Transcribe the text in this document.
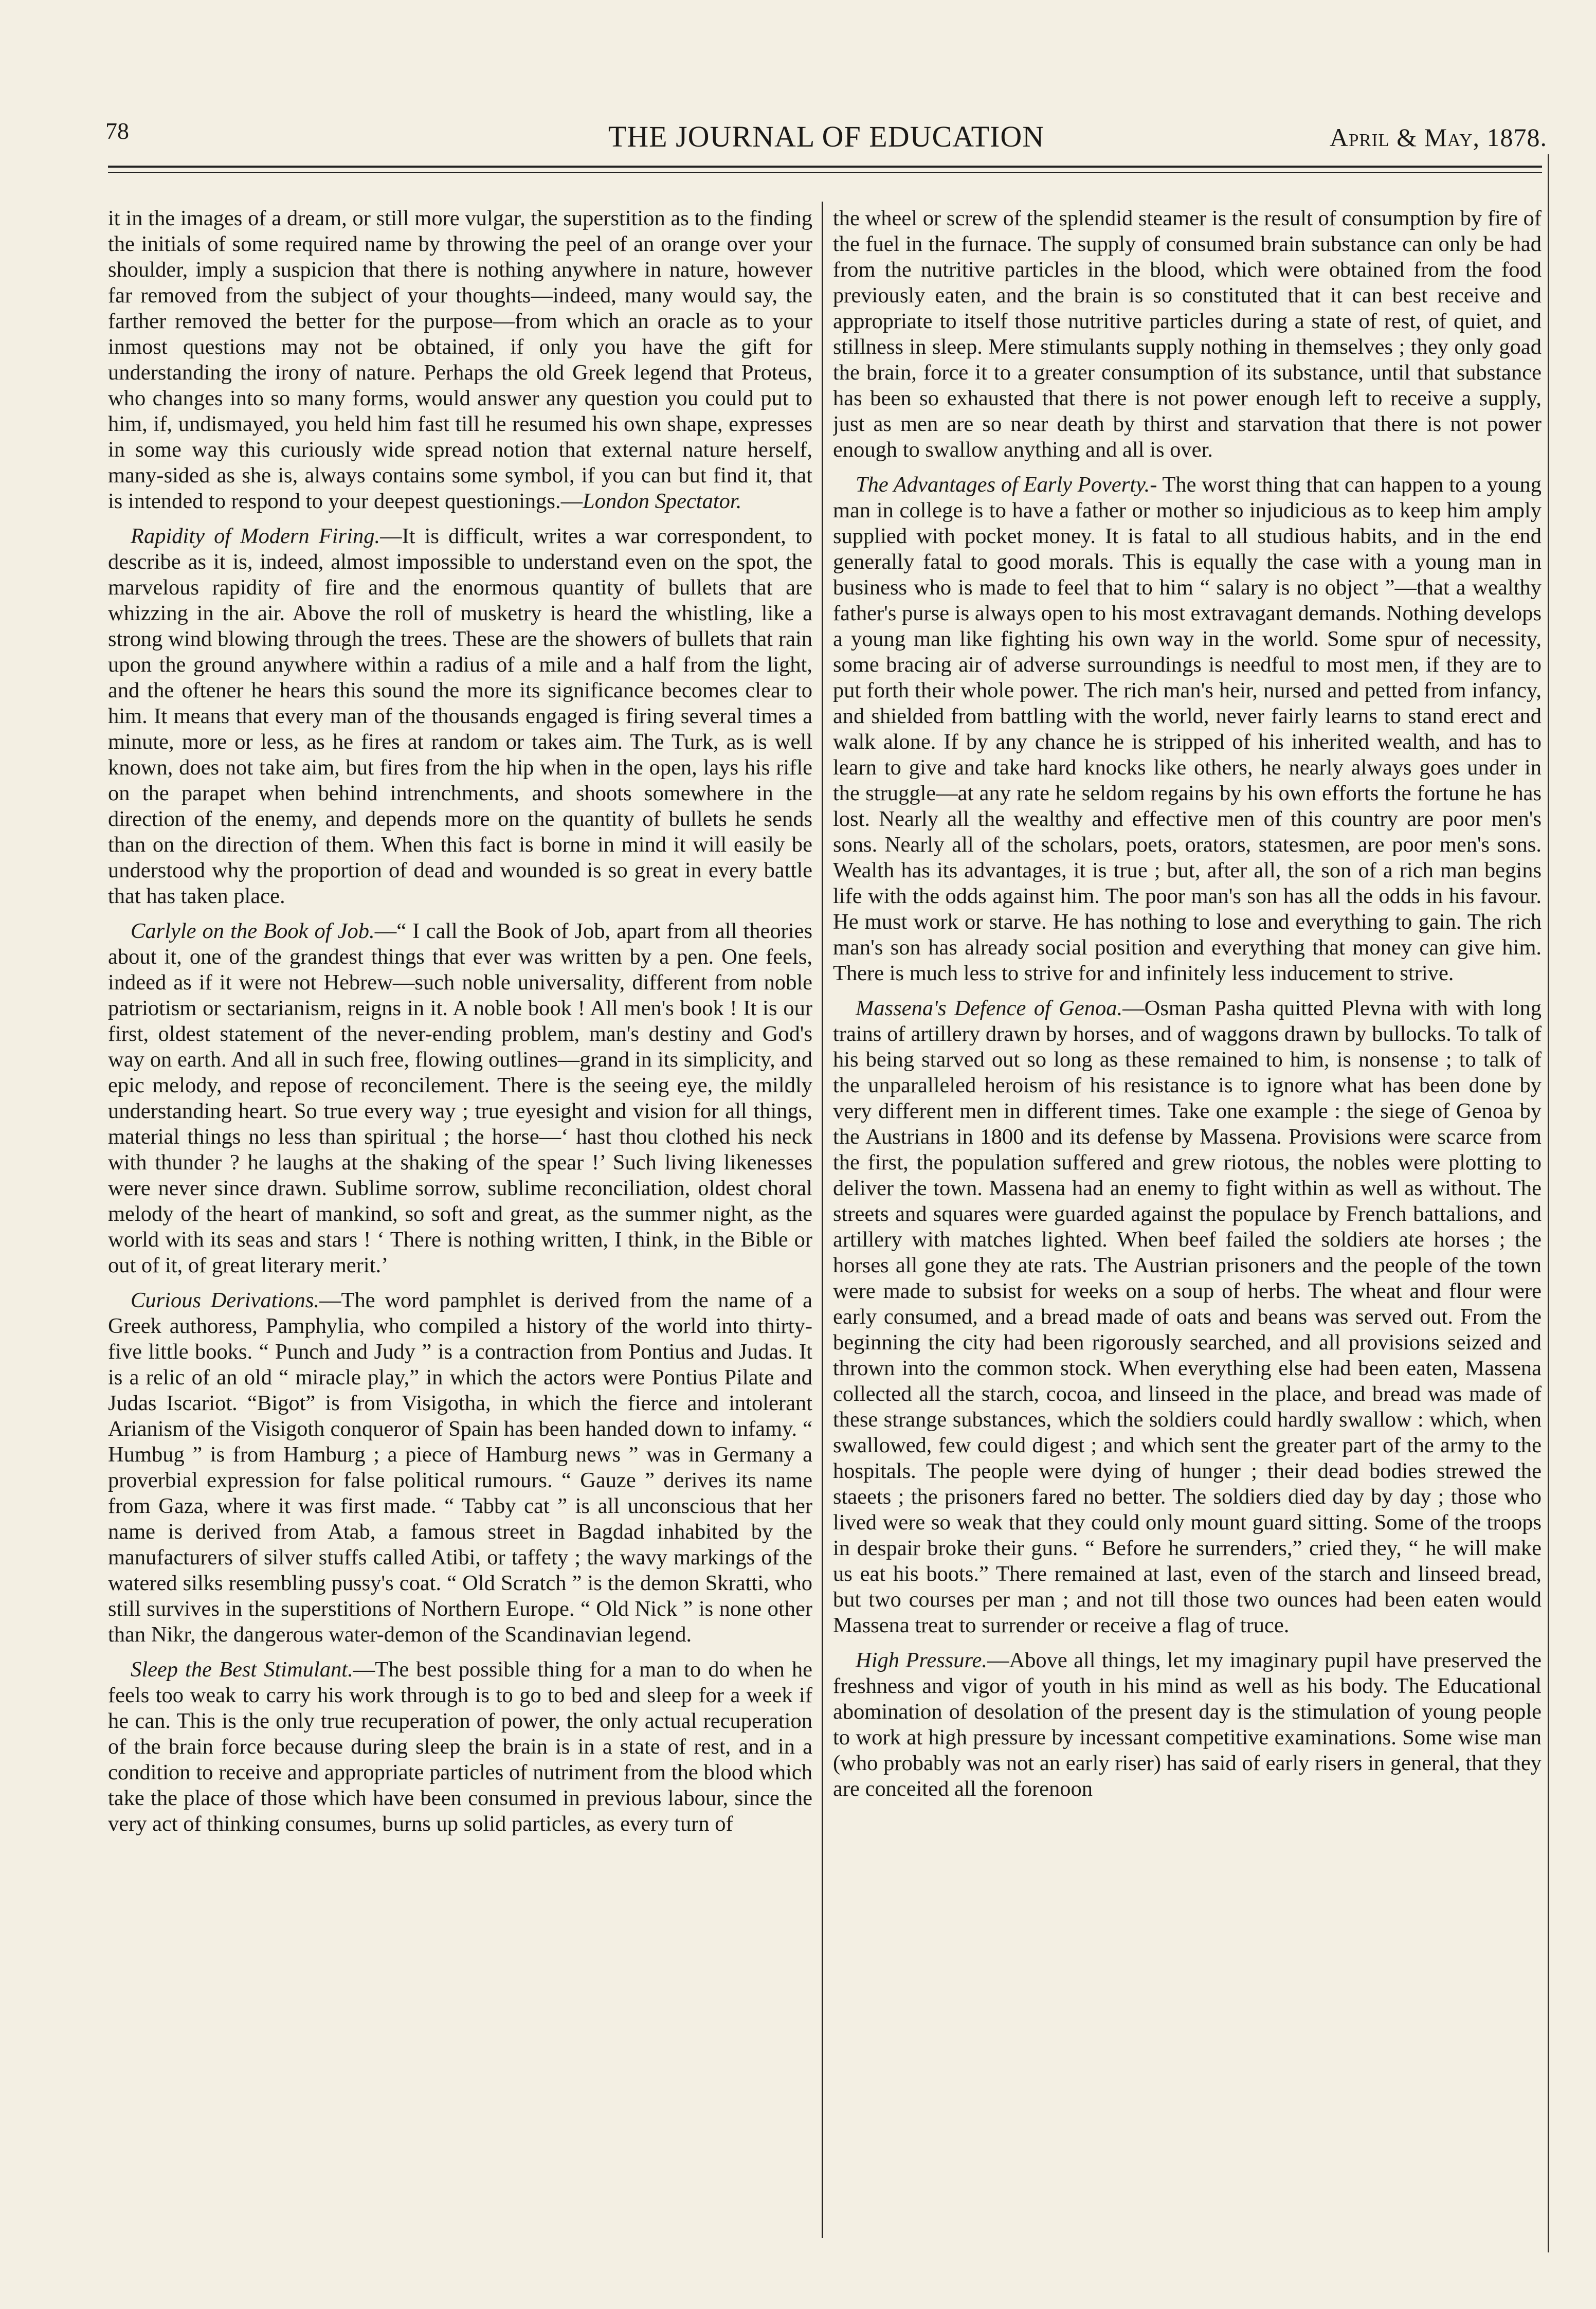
78	THE JOURNAL OF EDUCATION	April & May, 1878.

it in the images of a dream, or still more vulgar, the superstition as to the finding the initials of some required name by throwing the peel of an orange over your shoulder, imply a suspicion that there is nothing anywhere in nature, however far removed from the subject of your thoughts—indeed, many would say, the farther removed the better for the purpose—from which an oracle as to your inmost questions may not be obtained, if only you have the gift for understanding the irony of nature. Perhaps the old Greek legend that Proteus, who changes into so many forms, would answer any question you could put to him, if, undismayed, you held him fast till he resumed his own shape, expresses in some way this curiously wide spread notion that external nature herself, many-sided as she is, always contains some symbol, if you can but find it, that is intended to respond to your deepest questionings.—London Spectator.

Rapidity of Modern Firing.—It is difficult, writes a war correspondent, to describe as it is, indeed, almost impossible to understand even on the spot, the marvelous rapidity of fire and the enormous quantity of bullets that are whizzing in the air. Above the roll of musketry is heard the whistling, like a strong wind blowing through the trees. These are the showers of bullets that rain upon the ground anywhere within a radius of a mile and a half from the light, and the oftener he hears this sound the more its significance becomes clear to him. It means that every man of the thousands engaged is firing several times a minute, more or less, as he fires at random or takes aim. The Turk, as is well known, does not take aim, but fires from the hip when in the open, lays his rifle on the parapet when behind intrenchments, and shoots somewhere in the direction of the enemy, and depends more on the quantity of bullets he sends than on the direction of them. When this fact is borne in mind it will easily be understood why the proportion of dead and wounded is so great in every battle that has taken place.

Carlyle on the Book of Job.—“ I call the Book of Job, apart from all theories about it, one of the grandest things that ever was written by a pen. One feels, indeed as if it were not Hebrew—such noble universality, different from noble patriotism or sectarianism, reigns in it. A noble book ! All men's book ! It is our first, oldest statement of the never-ending problem, man's destiny and God's way on earth. And all in such free, flowing outlines—grand in its simplicity, and epic melody, and repose of reconcilement. There is the seeing eye, the mildly understanding heart. So true every way ; true eyesight and vision for all things, material things no less than spiritual ; the horse—‘ hast thou clothed his neck with thunder ? he laughs at the shaking of the spear !’ Such living likenesses were never since drawn. Sublime sorrow, sublime reconciliation, oldest choral melody of the heart of mankind, so soft and great, as the summer night, as the world with its seas and stars ! ‘ There is nothing written, I think, in the Bible or out of it, of great literary merit.’

Curious Derivations.—The word pamphlet is derived from the name of a Greek authoress, Pamphylia, who compiled a history of the world into thirty-five little books. “ Punch and Judy ” is a contraction from Pontius and Judas. It is a relic of an old “ miracle play,” in which the actors were Pontius Pilate and Judas Iscariot. “Bigot” is from Visigotha, in which the fierce and intolerant Arianism of the Visigoth conqueror of Spain has been handed down to infamy. “ Humbug ” is from Hamburg ; a piece of Hamburg news ” was in Germany a proverbial expression for false political rumours. “ Gauze ” derives its name from Gaza, where it was first made. “ Tabby cat ” is all unconscious that her name is derived from Atab, a famous street in Bagdad inhabited by the manufacturers of silver stuffs called Atibi, or taffety ; the wavy markings of the watered silks resembling pussy's coat. “ Old Scratch ” is the demon Skratti, who still survives in the superstitions of Northern Europe. “ Old Nick ” is none other than Nikr, the dangerous water-demon of the Scandinavian legend.

Sleep the Best Stimulant.—The best possible thing for a man to do when he feels too weak to carry his work through is to go to bed and sleep for a week if he can. This is the only true recuperation of power, the only actual recuperation of the brain force because during sleep the brain is in a state of rest, and in a condition to receive and appropriate particles of nutriment from the blood which take the place of those which have been consumed in previous labour, since the very act of thinking consumes, burns up solid particles, as every turn of

the wheel or screw of the splendid steamer is the result of consumption by fire of the fuel in the furnace. The supply of consumed brain substance can only be had from the nutritive particles in the blood, which were obtained from the food previously eaten, and the brain is so constituted that it can best receive and appropriate to itself those nutritive particles during a state of rest, of quiet, and stillness in sleep. Mere stimulants supply nothing in themselves ; they only goad the brain, force it to a greater consumption of its substance, until that substance has been so exhausted that there is not power enough left to receive a supply, just as men are so near death by thirst and starvation that there is not power enough to swallow anything and all is over.

The Advantages of Early Poverty.- The worst thing that can happen to a young man in college is to have a father or mother so injudicious as to keep him amply supplied with pocket money. It is fatal to all studious habits, and in the end generally fatal to good morals. This is equally the case with a young man in business who is made to feel that to him “ salary is no object ”—that a wealthy father's purse is always open to his most extravagant demands. Nothing develops a young man like fighting his own way in the world. Some spur of necessity, some bracing air of adverse surroundings is needful to most men, if they are to put forth their whole power. The rich man's heir, nursed and petted from infancy, and shielded from battling with the world, never fairly learns to stand erect and walk alone. If by any chance he is stripped of his inherited wealth, and has to learn to give and take hard knocks like others, he nearly always goes under in the struggle—at any rate he seldom regains by his own efforts the fortune he has lost. Nearly all the wealthy and effective men of this country are poor men's sons. Nearly all of the scholars, poets, orators, statesmen, are poor men's sons. Wealth has its advantages, it is true ; but, after all, the son of a rich man begins life with the odds against him. The poor man's son has all the odds in his favour. He must work or starve. He has nothing to lose and everything to gain. The rich man's son has already social position and everything that money can give him. There is much less to strive for and infinitely less inducement to strive.

Massena's Defence of Genoa.—Osman Pasha quitted Plevna with with long trains of artillery drawn by horses, and of waggons drawn by bullocks. To talk of his being starved out so long as these remained to him, is nonsense ; to talk of the unparalleled heroism of his resistance is to ignore what has been done by very different men in different times. Take one example : the siege of Genoa by the Austrians in 1800 and its defense by Massena. Provisions were scarce from the first, the population suffered and grew riotous, the nobles were plotting to deliver the town. Massena had an enemy to fight within as well as without. The streets and squares were guarded against the populace by French battalions, and artillery with matches lighted. When beef failed the soldiers ate horses ; the horses all gone they ate rats. The Austrian prisoners and the people of the town were made to subsist for weeks on a soup of herbs. The wheat and flour were early consumed, and a bread made of oats and beans was served out. From the beginning the city had been rigorously searched, and all provisions seized and thrown into the common stock. When everything else had been eaten, Massena collected all the starch, cocoa, and linseed in the place, and bread was made of these strange substances, which the soldiers could hardly swallow : which, when swallowed, few could digest ; and which sent the greater part of the army to the hospitals. The people were dying of hunger ; their dead bodies strewed the staeets ; the prisoners fared no better. The soldiers died day by day ; those who lived were so weak that they could only mount guard sitting. Some of the troops in despair broke their guns. “ Before he surrenders,” cried they, “ he will make us eat his boots.” There remained at last, even of the starch and linseed bread, but two courses per man ; and not till those two ounces had been eaten would Massena treat to surrender or receive a flag of truce.

High Pressure.—Above all things, let my imaginary pupil have preserved the freshness and vigor of youth in his mind as well as his body. The Educational abomination of desolation of the present day is the stimulation of young people to work at high pressure by incessant competitive examinations. Some wise man (who probably was not an early riser) has said of early risers in general, that they are conceited all the forenoon
